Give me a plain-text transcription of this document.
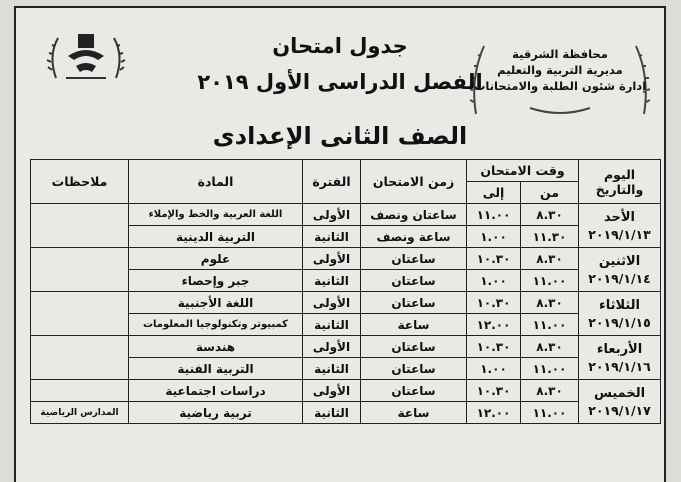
محافظة الشرقية
مديرية التربية والتعليم
إدارة شئون الطلبة والامتحانات
جدول امتحان
الفصل الدراسى الأول ٢٠١٩
الصف الثانى الإعدادى
اليوم والتاريخ	وقت الامتحان		زمن الامتحان	الفترة	المادة	ملاحظات
	من	إلى				

الأحد
٢٠١٩/١/١٣	٨.٣٠	١١.٠٠	ساعتان ونصف	الأولى	اللغة العربية والخط والإملاء	
	١١.٣٠	١.٠٠	ساعة ونصف	الثانية	التربية الدينية	

الاثنين
٢٠١٩/١/١٤	٨.٣٠	١٠.٣٠	ساعتان	الأولى	علوم	
	١١.٠٠	١.٠٠	ساعتان	الثانية	جبر وإحصاء	

الثلاثاء
٢٠١٩/١/١٥	٨.٣٠	١٠.٣٠	ساعتان	الأولى	اللغة الأجنبية	
	١١.٠٠	١٢.٠٠	ساعة	الثانية	كمبيوتر وتكنولوجيا المعلومات	

الأربعاء
٢٠١٩/١/١٦	٨.٣٠	١٠.٣٠	ساعتان	الأولى	هندسة	
	١١.٠٠	١.٠٠	ساعتان	الثانية	التربية الفنية	

الخميس
٢٠١٩/١/١٧	٨.٣٠	١٠.٣٠	ساعتان	الأولى	دراسات اجتماعية	
	١١.٠٠	١٢.٠٠	ساعة	الثانية	تربية رياضية	المدارس الرياضية
